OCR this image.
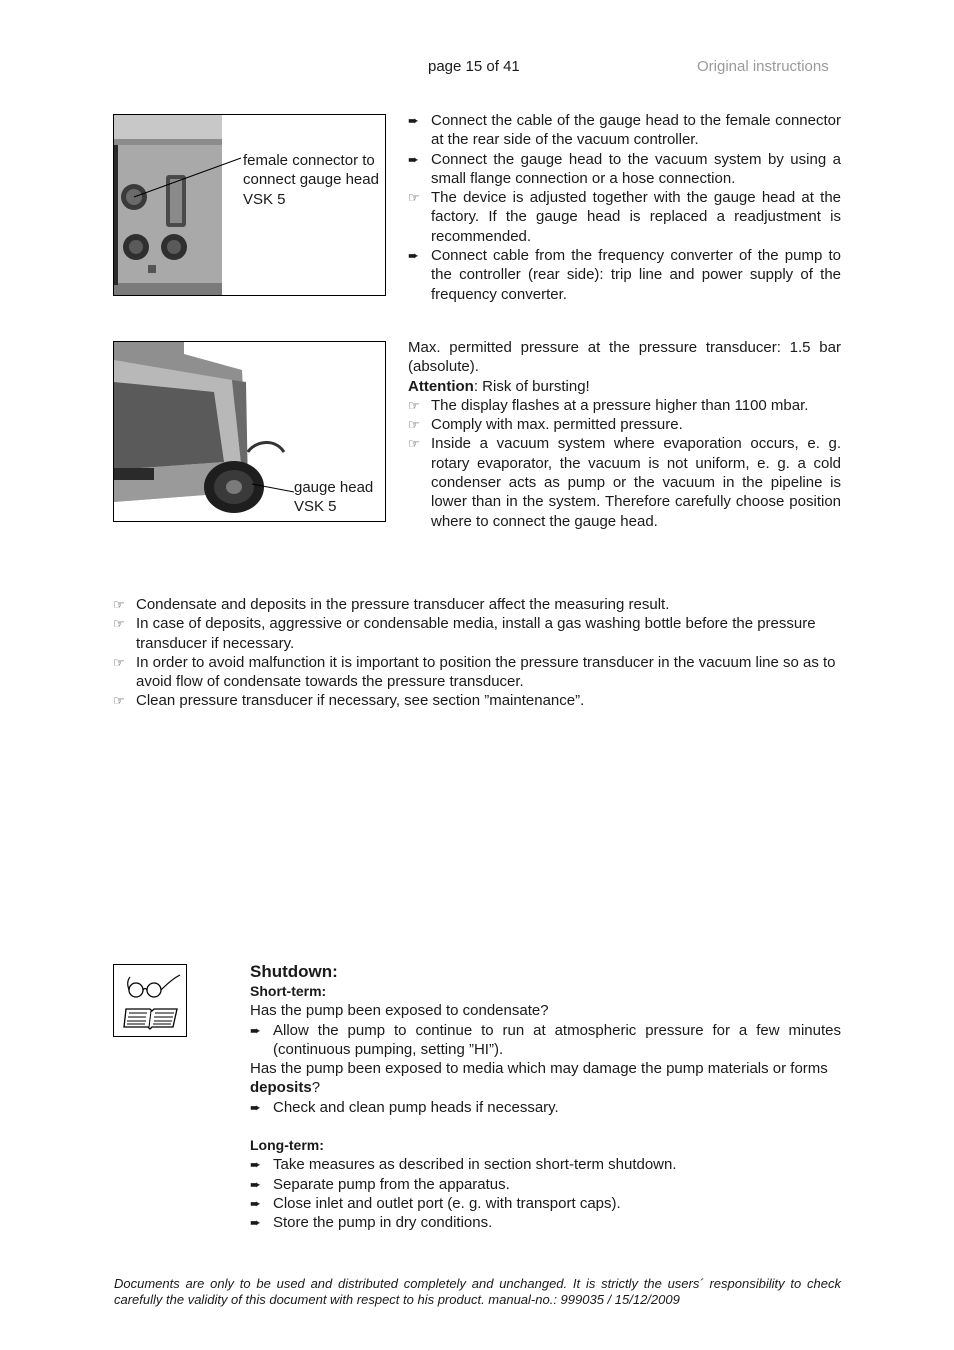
page 15 of 41	Original instructions
female connector to
connect gauge head
VSK 5
➨ Connect the cable of the gauge head to the female connector at the rear side of the vacuum controller.
➨ Connect the gauge head to the vacuum system by using a small flange connection or a hose connection.
☞ The device is adjusted together with the gauge head at the factory. If the gauge head is replaced a readjustment is recommended.
➨ Connect cable from the frequency converter of the pump to the controller (rear side): trip line and power supply of the frequency converter.
gauge head
VSK 5
Max. permitted pressure at the pressure transducer: 1.5 bar (absolute).
Attention: Risk of bursting!
☞ The display flashes at a pressure higher than 1100 mbar.
☞ Comply with max. permitted pressure.
☞ Inside a vacuum system where evaporation occurs, e. g. rotary evaporator, the vacuum is not uniform, e. g. a cold condenser acts as pump or the vacuum in the pipeline is lower than in the system. Therefore carefully choose position where to connect the gauge head.
☞ Condensate and deposits in the pressure transducer affect the measuring result.
☞ In case of deposits, aggressive or condensable media, install a gas washing bottle before the pressure transducer if necessary.
☞ In order to avoid malfunction it is important to position the pressure transducer in the vacuum line so as to avoid flow of condensate towards the pressure transducer.
☞ Clean pressure transducer if necessary, see section ”maintenance”.
Shutdown:
Short-term:
Has the pump been exposed to condensate?
➨ Allow the pump to continue to run at atmospheric pressure for a few minutes (continuous pumping, setting ”HI”).
Has the pump been exposed to media which may damage the pump materials or forms deposits?
➨ Check and clean pump heads if necessary.
Long-term:
➨ Take measures as described in section short-term shutdown.
➨ Separate pump from the apparatus.
➨ Close inlet and outlet port (e. g. with transport caps).
➨ Store the pump in dry conditions.
Documents are only to be used and distributed completely and unchanged. It is strictly the users´ responsibility to check carefully the validity of this document with respect to his product. manual-no.: 999035 / 15/12/2009
